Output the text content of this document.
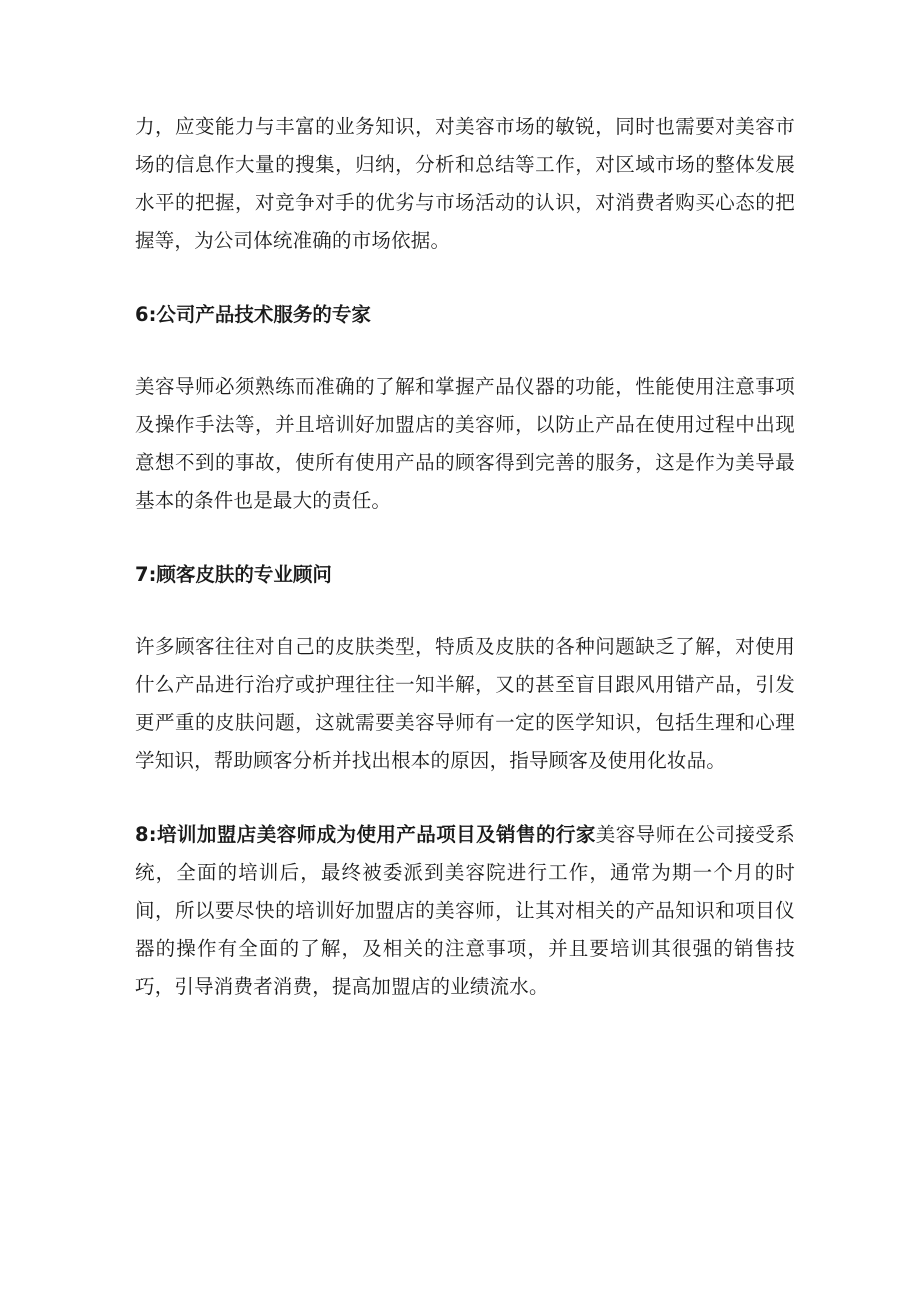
力，应变能力与丰富的业务知识，对美容市场的敏锐，同时也需要对美容市场的信息作大量的搜集，归纳，分析和总结等工作，对区域市场的整体发展水平的把握，对竞争对手的优劣与市场活动的认识，对消费者购买心态的把握等，为公司体统准确的市场依据。

6:公司产品技术服务的专家

美容导师必须熟练而准确的了解和掌握产品仪器的功能，性能使用注意事项及操作手法等，并且培训好加盟店的美容师，以防止产品在使用过程中出现意想不到的事故，使所有使用产品的顾客得到完善的服务，这是作为美导最基本的条件也是最大的责任。

7:顾客皮肤的专业顾问

许多顾客往往对自己的皮肤类型，特质及皮肤的各种问题缺乏了解，对使用什么产品进行治疗或护理往往一知半解，又的甚至盲目跟风用错产品，引发更严重的皮肤问题，这就需要美容导师有一定的医学知识，包括生理和心理学知识，帮助顾客分析并找出根本的原因，指导顾客及使用化妆品。

8:培训加盟店美容师成为使用产品项目及销售的行家美容导师在公司接受系统，全面的培训后，最终被委派到美容院进行工作，通常为期一个月的时间，所以要尽快的培训好加盟店的美容师，让其对相关的产品知识和项目仪器的操作有全面的了解，及相关的注意事项，并且要培训其很强的销售技巧，引导消费者消费，提高加盟店的业绩流水。
